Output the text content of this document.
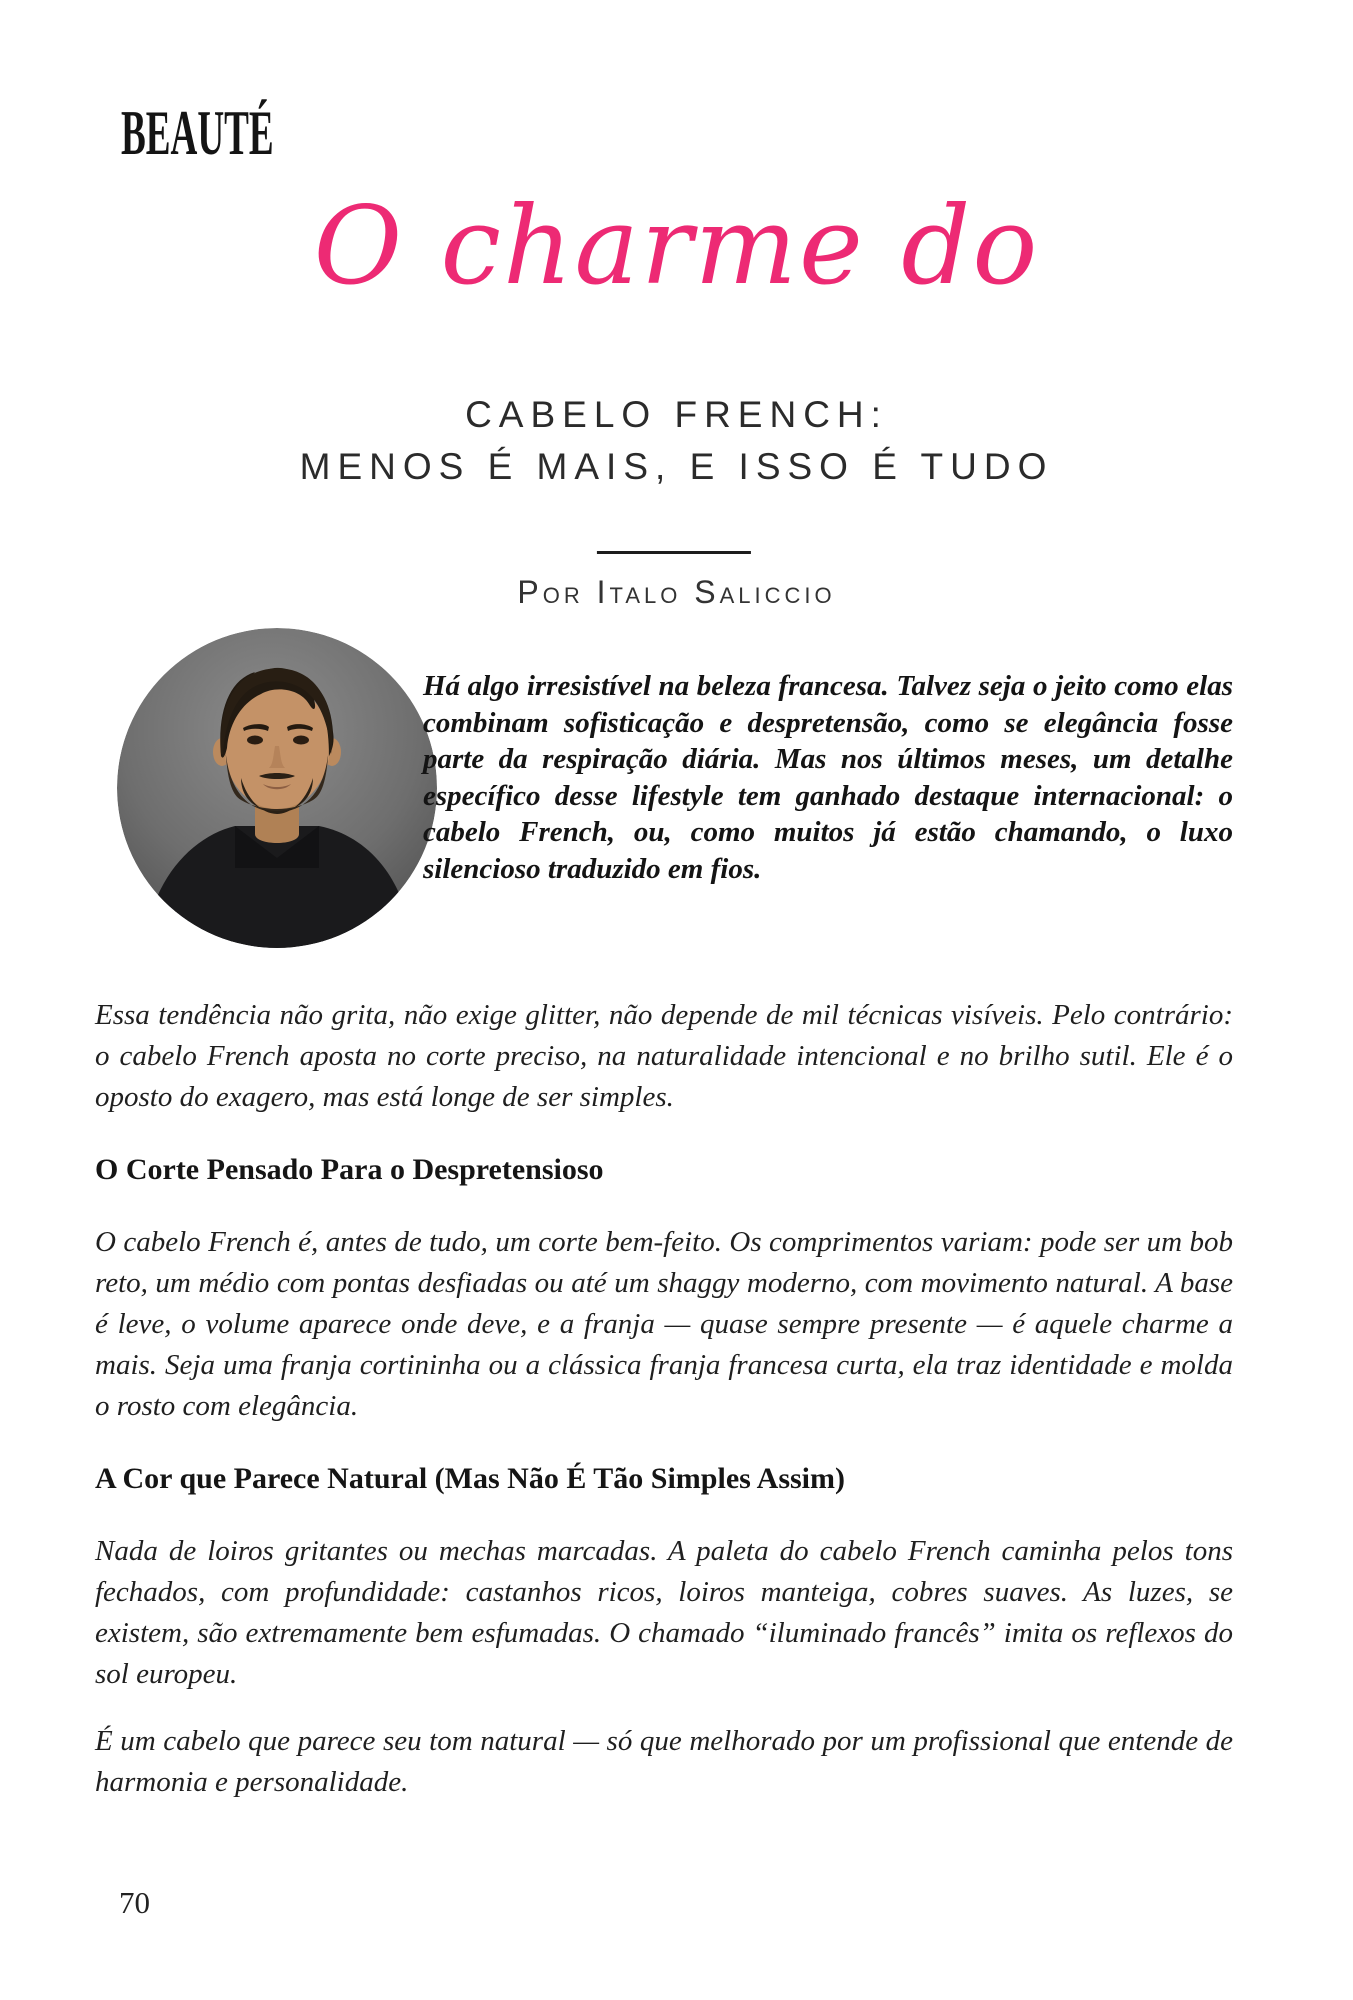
BEAUTÉ
O charme do
CABELO FRENCH:
MENOS É MAIS, E ISSO É TUDO
Por Italo Saliccio
Há algo irresistível na beleza francesa. Talvez seja o jeito como elas combinam sofisticação e despretensão, como se elegância fosse parte da respiração diária. Mas nos últimos meses, um detalhe específico desse lifestyle tem ganhado destaque internacional: o cabelo French, ou, como muitos já estão chamando, o luxo silencioso traduzido em fios.

Essa tendência não grita, não exige glitter, não depende de mil técnicas visíveis. Pelo contrário: o cabelo French aposta no corte preciso, na naturalidade intencional e no brilho sutil. Ele é o oposto do exagero, mas está longe de ser simples.

O Corte Pensado Para o Despretensioso

O cabelo French é, antes de tudo, um corte bem-feito. Os comprimentos variam: pode ser um bob reto, um médio com pontas desfiadas ou até um shaggy moderno, com movimento natural. A base é leve, o volume aparece onde deve, e a franja — quase sempre presente — é aquele charme a mais. Seja uma franja cortininha ou a clássica franja francesa curta, ela traz identidade e molda o rosto com elegância.

A Cor que Parece Natural (Mas Não É Tão Simples Assim)

Nada de loiros gritantes ou mechas marcadas. A paleta do cabelo French caminha pelos tons fechados, com profundidade: castanhos ricos, loiros manteiga, cobres suaves. As luzes, se existem, são extremamente bem esfumadas. O chamado “iluminado francês” imita os reflexos do sol europeu.

É um cabelo que parece seu tom natural — só que melhorado por um profissional que entende de harmonia e personalidade.

70
